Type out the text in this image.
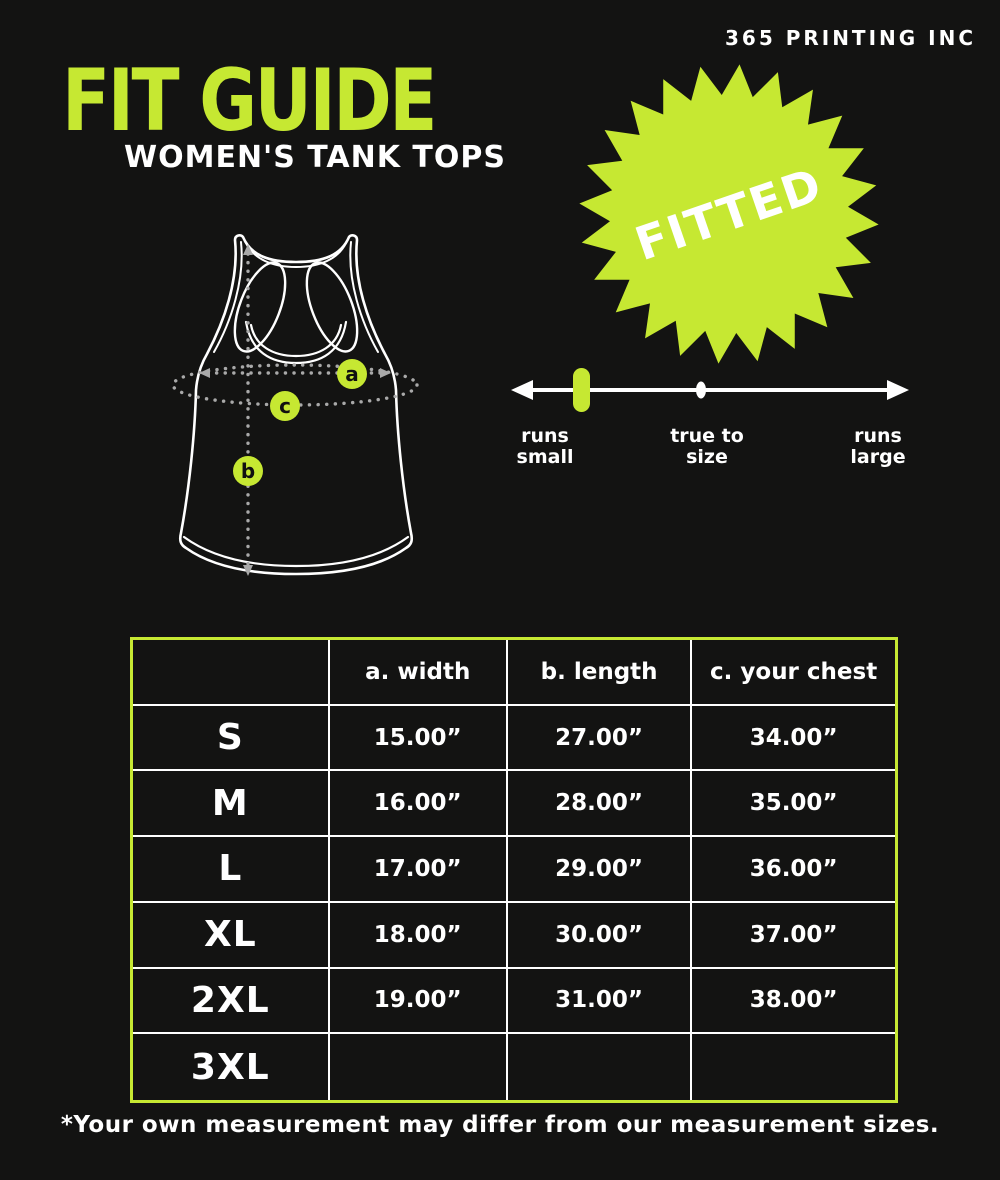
365 PRINTING INC
FIT GUIDE
WOMEN'S TANK TOPS	FITTED
runs
small
true to
size
runs
large
a
c
b
a. width	b. length	c. your chest
S	15.00”	27.00”	34.00”
M	16.00”	28.00”	35.00”
L	17.00”	29.00”	36.00”
XL	18.00”	30.00”	37.00”
2XL	19.00”	31.00”	38.00”
3XL
*Your own measurement may differ from our measurement sizes.
